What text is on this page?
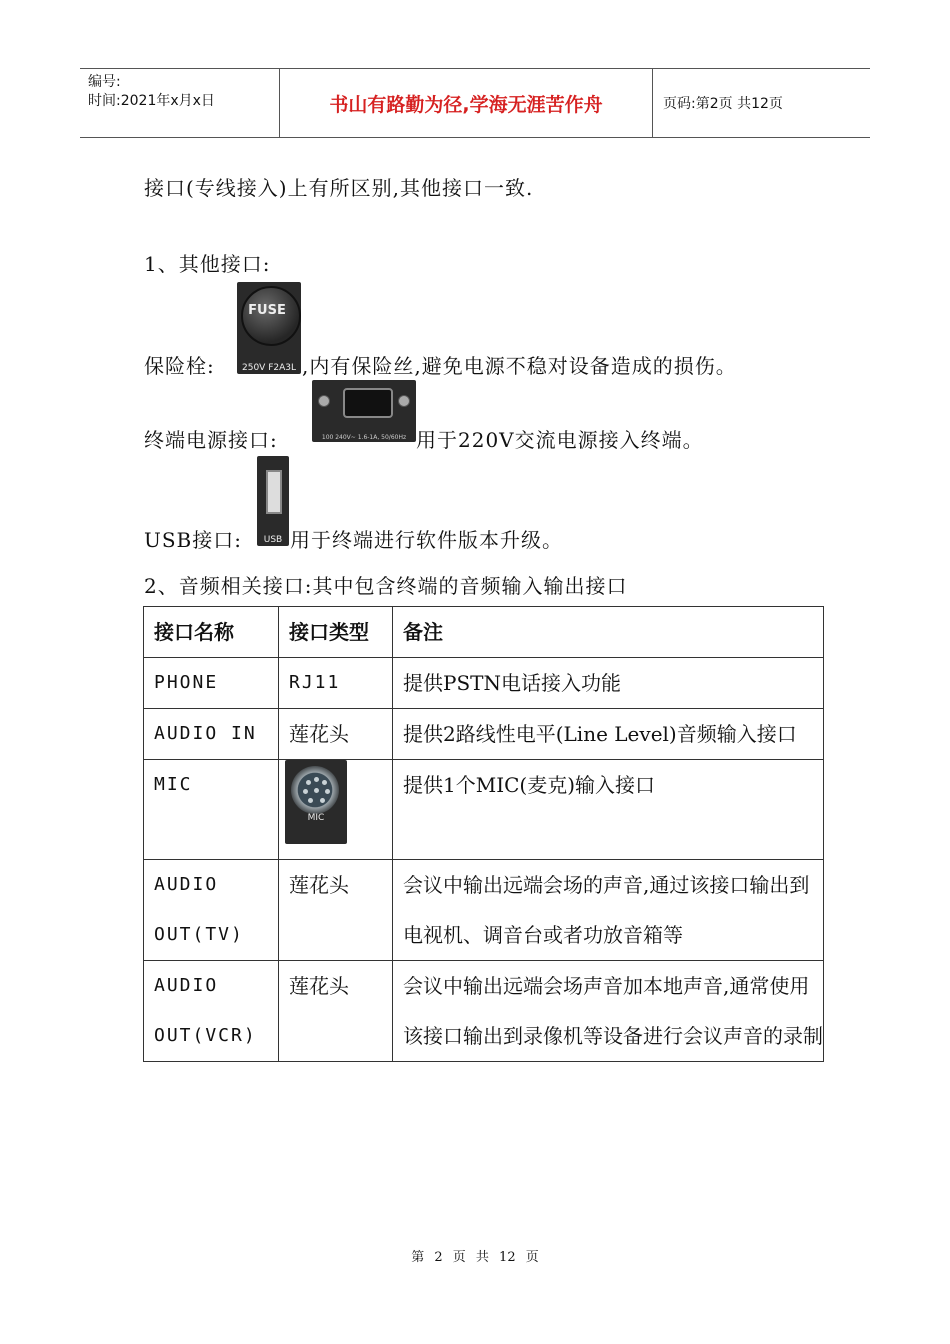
编号:
时间:2021年x月x日	书山有路勤为径,学海无涯苦作舟	页码:第2页 共12页
接口(专线接入)上有所区别,其他接口一致.
1、其他接口:
保险栓:
FUSE
250V F2A3L ,内有保险丝,避免电源不稳对设备造成的损伤。
终端电源接口:	100 240V~ 1.6-1A, 50/60Hz 用于220V交流电源接入终端。
USB接口:	USB 用于终端进行软件版本升级。
2、音频相关接口:其中包含终端的音频输入输出接口
接口名称	接口类型	备注
PHONE	RJ11	提供PSTN电话接入功能
AUDIO IN	莲花头	提供2路线性电平(Line Level)音频输入接口
MIC	MIC	提供1个MIC(麦克)输入接口
AUDIO OUT(TV)	莲花头	会议中输出远端会场的声音,通过该接口输出到电视机、调音台或者功放音箱等
AUDIO OUT(VCR)	莲花头	会议中输出远端会场声音加本地声音,通常使用该接口输出到录像机等设备进行会议声音的录制
第 2 页 共 12 页
